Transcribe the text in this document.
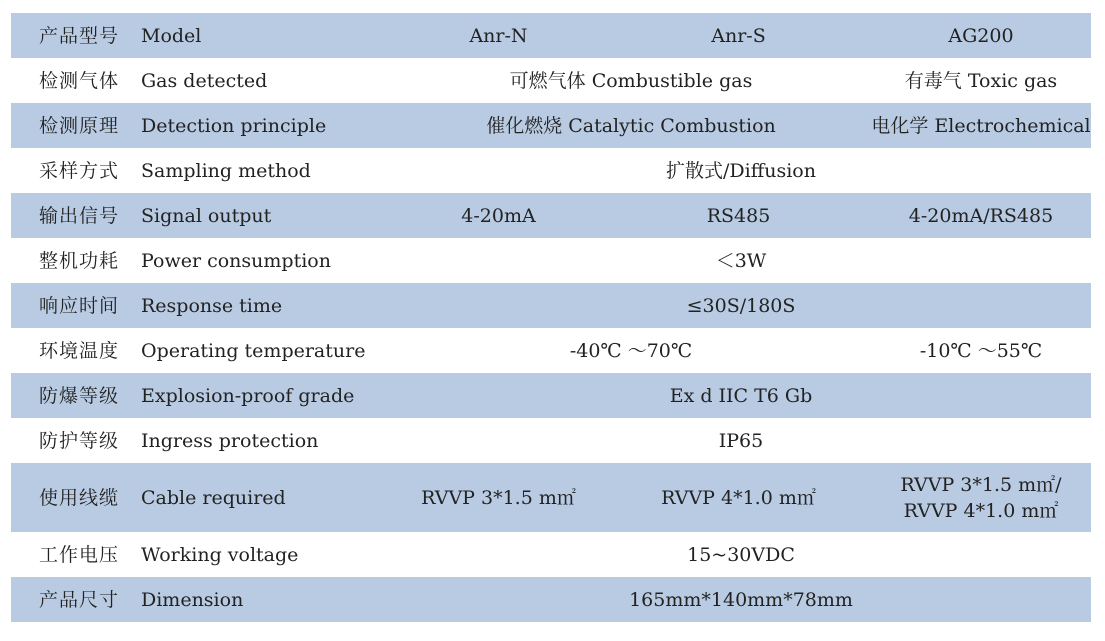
产品型号 Model	Anr-N	Anr-S	AG200
检测气体 Gas detected	可燃气体 Combustible gas		有毒气 Toxic gas
检测原理 Detection principle	催化燃烧 Catalytic Combustion		电化学 Electrochemical
采样方式 Sampling method	扩散式/Diffusion		
输出信号 Signal output	4-20mA	RS485	4-20mA/RS485
整机功耗 Power consumption	＜3W		
响应时间 Response time	≤30S/180S		
环境温度 Operating temperature	-40℃ ～70℃		-10℃ ～55℃
防爆等级 Explosion-proof grade	Ex d IIC T6 Gb		
防护等级 Ingress protection	IP65		
使用线缆 Cable required	RVVP 3*1.5 m㎡	RVVP 4*1.0 m㎡	RVVP 3*1.5 m㎡/ RVVP 4*1.0 m㎡
工作电压 Working voltage	15~30VDC		
产品尺寸 Dimension	165mm*140mm*78mm		
